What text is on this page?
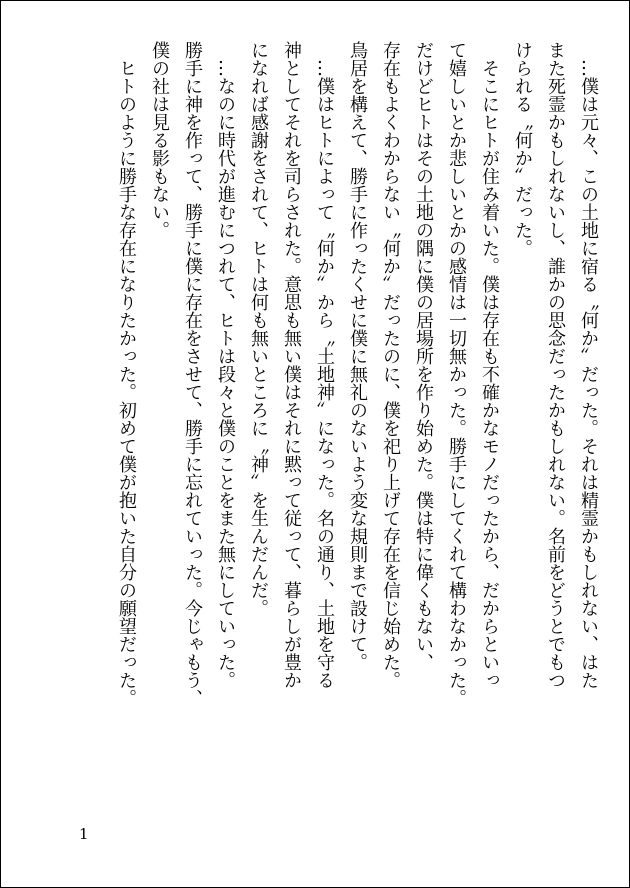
　…僕は元々、この土地に宿る〝何か〟だった。それは精霊かもしれない、はた

また死霊かもしれないし、誰かの思念だったかもしれない。名前をどうとでもつ

けられる〝何か〟だった。

　そこにヒトが住み着いた。僕は存在も不確かなモノだったから、だからといっ

て嬉しいとか悲しいとかの感情は一切無かった。勝手にしてくれて構わなかった。

だけどヒトはその土地の隅に僕の居場所を作り始めた。僕は特に偉くもない、

存在もよくわからない〝何か〟だったのに、僕を祀り上げて存在を信じ始めた。

鳥居を構えて、勝手に作ったくせに僕に無礼のないよう変な規則まで設けて。

　…僕はヒトによって〝何か〟から〝土地神〟になった。名の通り、土地を守る

神としてそれを司らされた。意思も無い僕はそれに黙って従って、暮らしが豊か

になれば感謝をされて、ヒトは何も無いところに〝神〟を生んだんだ。

　…なのに時代が進むにつれて、ヒトは段々と僕のことをまた無にしていった。

勝手に神を作って、勝手に僕に存在をさせて、勝手に忘れていった。今じゃもう、

僕の社は見る影もない。

　ヒトのように勝手な存在になりたかった。初めて僕が抱いた自分の願望だった。

1
